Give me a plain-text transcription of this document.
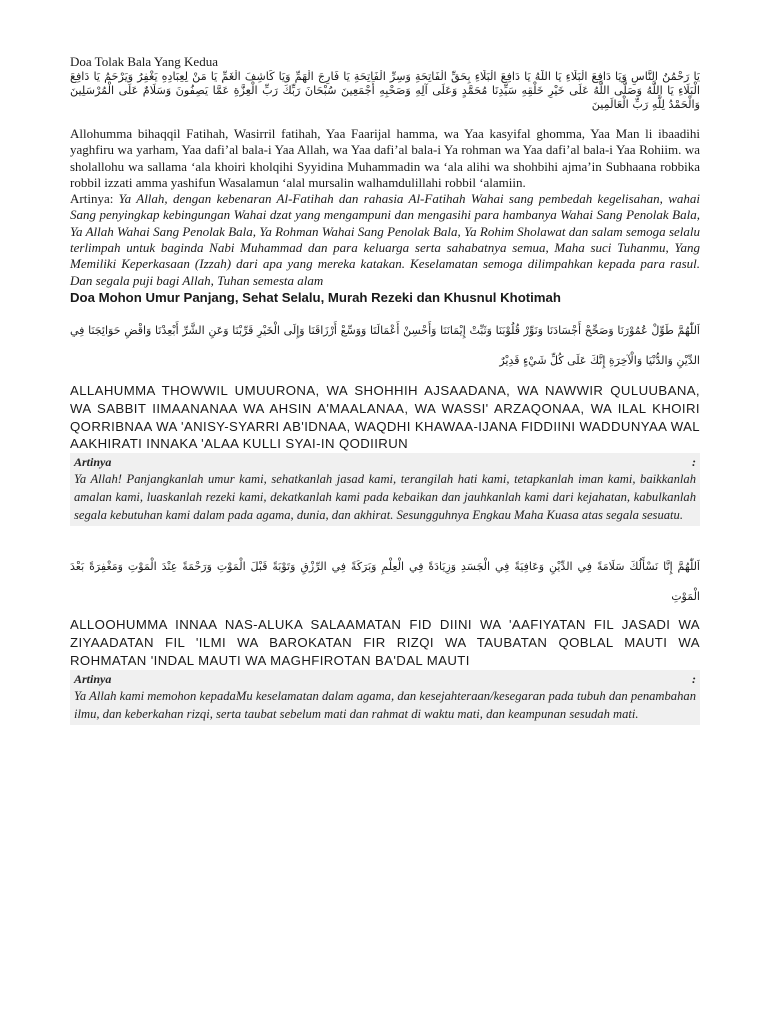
Doa Tolak Bala Yang Kedua

يَا رَحْمُنُ النَّاسِ وَيَا دَافِعَ الْبَلَاءِ يَا اللَّهُ يَا دَافِعَ الْبَلَاءِ بِحَقِّ الْفَاتِحَةِ وَسِرِّ الْفَاتِحَةِ يَا فَارِجَ الْهَمِّ وَيَا كَاشِفَ الْغَمِّ يَا مَنْ لِعِبَادِهِ يَغْفِرُ وَيَرْحَمُ يَا دَافِعَ الْبَلَاءِ يَا اللَّهُ وَصَلَّى اللَّهُ عَلَى خَيْرِ خَلْقِهِ سَيِّدِنَا مُحَمَّدٍ وَعَلَى آلِهِ وَصَحْبِهِ أَجْمَعِينَ سُبْحَانَ رَبِّكَ رَبِّ الْعِزَّةِ عَمَّا يَصِفُونَ وَسَلَامٌ عَلَى الْمُرْسَلِينَ وَالْحَمْدُ لِلَّهِ رَبِّ الْعَالَمِينَ

Allohumma bihaqqil Fatihah, Wasirril fatihah, Yaa Faarijal hamma, wa Yaa kasyifal ghomma, Yaa Man li ibaadihi yaghfiru wa yarham, Yaa dafi’al bala-i Yaa Allah, wa Yaa dafi’al bala-i Ya rohman wa Yaa dafi’al bala-i Yaa Rohiim. wa sholallohu wa sallama ‘ala khoiri kholqihi Syyidina Muhammadin wa ‘ala alihi wa shohbihi ajma’in Subhaana robbika robbil izzati amma yashifun Wasalamun ‘alal mursalin walhamdulillahi robbil ‘alamiin.

Artinya: Ya Allah, dengan kebenaran Al-Fatihah dan rahasia Al-Fatihah Wahai sang pembedah kegelisahan, wahai Sang penyingkap kebingungan Wahai dzat yang mengampuni dan mengasihi para hambanya Wahai Sang Penolak Bala, Ya Allah Wahai Sang Penolak Bala, Ya Rohman Wahai Sang Penolak Bala, Ya Rohim Sholawat dan salam semoga selalu terlimpah untuk baginda Nabi Muhammad dan para keluarga serta sahabatnya semua, Maha suci Tuhanmu, Yang Memiliki Keperkasaan (Izzah) dari apa yang mereka katakan. Keselamatan semoga dilimpahkan kepada para rasul. Dan segala puji bagi Allah, Tuhan semesta alam

Doa Mohon Umur Panjang, Sehat Selalu, Murah Rezeki dan Khusnul Khotimah

اَللّٰهُمَّ طَوِّلْ عُمُوْرَنَا وَصَحِّحْ أَجْسَادَنَا وَنَوِّرْ قُلُوْبَنَا وَثَبِّتْ إِيْمَانَنَا وَأَحْسِنْ أَعْمَالَنَا وَوَسِّعْ أَرْزَاقَنَا وَإِلَى الْخَيْرِ قَرِّبْنَا وَعَنِ الشَّرِّ أَبْعِدْنَا وَاقْضِ حَوَائِجَنَا فِي الدِّيْنِ وَالدُّنْيَا وَالْآخِرَةِ إِنَّكَ عَلَى كُلِّ شَيْءٍ قَدِيْرٌ

ALLAHUMMA THOWWIL UMUURONA, WA SHOHHIH AJSAADANA, WA NAWWIR QULUUBANA, WA SABBIT IIMAANANAA WA AHSIN A'MAALANAA, WA WASSI' ARZAQONAA, WA ILAL KHOIRI QORRIBNAA WA 'ANISY-SYARRI AB'IDNAA, WAQDHI KHAWAA-IJANA FIDDIINI WADDUNYAA WAL AAKHIRATI INNAKA 'ALAA KULLI SYAI-IN QODIIRUN

Artinya	:
Ya Allah! Panjangkanlah umur kami, sehatkanlah jasad kami, terangilah hati kami, tetapkanlah iman kami, baikkanlah amalan kami, luaskanlah rezeki kami, dekatkanlah kami pada kebaikan dan jauhkanlah kami dari kejahatan, kabulkanlah segala kebutuhan kami dalam pada agama, dunia, dan akhirat. Sesungguhnya Engkau Maha Kuasa atas segala sesuatu.

اَللّٰهُمَّ إِنَّا نَسْأَلُكَ سَلَامَةً فِي الدِّيْنِ وَعَافِيَةً فِي الْجَسَدِ وَزِيَادَةً فِي الْعِلْمِ وَبَرَكَةً فِي الرِّزْقِ وَتَوْبَةً قَبْلَ الْمَوْتِ وَرَحْمَةً عِنْدَ الْمَوْتِ وَمَغْفِرَةً بَعْدَ الْمَوْتِ

ALLOOHUMMA INNAA NAS-ALUKA SALAAMATAN FID DIINI WA 'AAFIYATAN FIL JASADI WA ZIYAADATAN FIL 'ILMI WA BAROKATAN FIR RIZQI WA TAUBATAN QOBLAL MAUTI WA ROHMATAN 'INDAL MAUTI WA MAGHFIROTAN BA'DAL MAUTI

Artinya	:
Ya Allah kami memohon kepadaMu keselamatan dalam agama, dan kesejahteraan/kesegaran pada tubuh dan penambahan ilmu, dan keberkahan rizqi, serta taubat sebelum mati dan rahmat di waktu mati, dan keampunan sesudah mati.
